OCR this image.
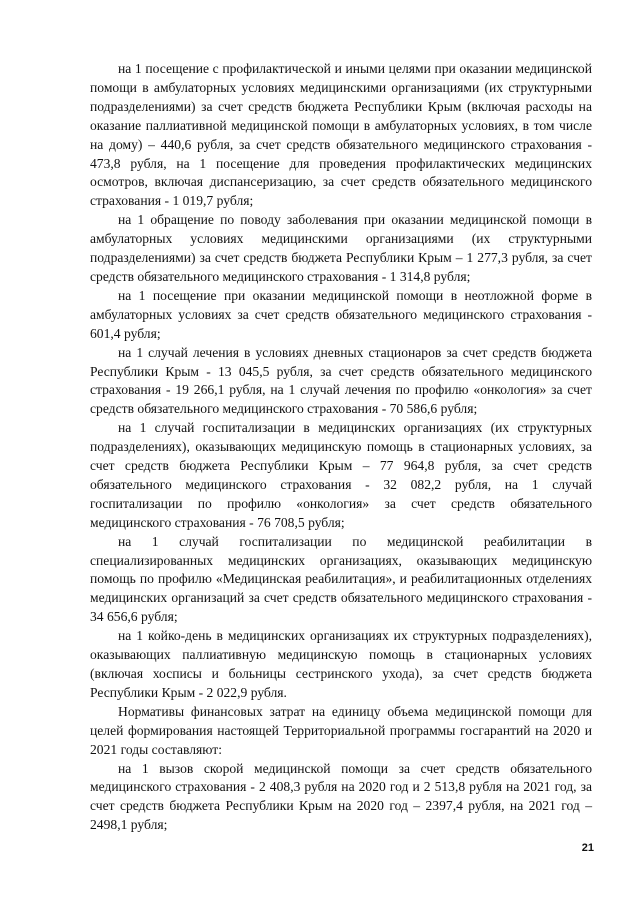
на 1 посещение с профилактической и иными целями при оказании медицинской помощи в амбулаторных условиях медицинскими организациями (их структурными подразделениями) за счет средств бюджета Республики Крым (включая расходы на оказание паллиативной медицинской помощи в амбулаторных условиях, в том числе на дому) – 440,6 рубля, за счет средств обязательного медицинского страхования - 473,8 рубля, на 1 посещение для проведения профилактических медицинских осмотров, включая диспансеризацию, за счет средств обязательного медицинского страхования - 1 019,7 рубля;

на 1 обращение по поводу заболевания при оказании медицинской помощи в амбулаторных условиях медицинскими организациями (их структурными подразделениями) за счет средств бюджета Республики Крым – 1 277,3 рубля, за счет средств обязательного медицинского страхования - 1 314,8 рубля;

на 1 посещение при оказании медицинской помощи в неотложной форме в амбулаторных условиях за счет средств обязательного медицинского страхования - 601,4 рубля;

на 1 случай лечения в условиях дневных стационаров за счет средств бюджета Республики Крым - 13 045,5 рубля, за счет средств обязательного медицинского страхования - 19 266,1 рубля, на 1 случай лечения по профилю «онкология» за счет средств обязательного медицинского страхования - 70 586,6 рубля;

на 1 случай госпитализации в медицинских организациях (их структурных подразделениях), оказывающих медицинскую помощь в стационарных условиях, за счет средств бюджета Республики Крым – 77 964,8 рубля, за счет средств обязательного медицинского страхования - 32 082,2 рубля, на 1 случай госпитализации по профилю «онкология» за счет средств обязательного медицинского страхования - 76 708,5 рубля;

на 1 случай госпитализации по медицинской реабилитации в специализированных медицинских организациях, оказывающих медицинскую помощь по профилю «Медицинская реабилитация», и реабилитационных отделениях медицинских организаций за счет средств обязательного медицинского страхования - 34 656,6 рубля;

на 1 койко-день в медицинских организациях их структурных подразделениях), оказывающих паллиативную медицинскую помощь в стационарных условиях (включая хосписы и больницы сестринского ухода), за счет средств бюджета Республики Крым - 2 022,9 рубля.

Нормативы финансовых затрат на единицу объема медицинской помощи для целей формирования настоящей Территориальной программы госгарантий на 2020 и 2021 годы составляют:

на 1 вызов скорой медицинской помощи за счет средств обязательного медицинского страхования - 2 408,3 рубля на 2020 год и 2 513,8 рубля на 2021 год, за счет средств бюджета Республики Крым на 2020 год – 2397,4 рубля, на 2021 год – 2498,1 рубля;

21
